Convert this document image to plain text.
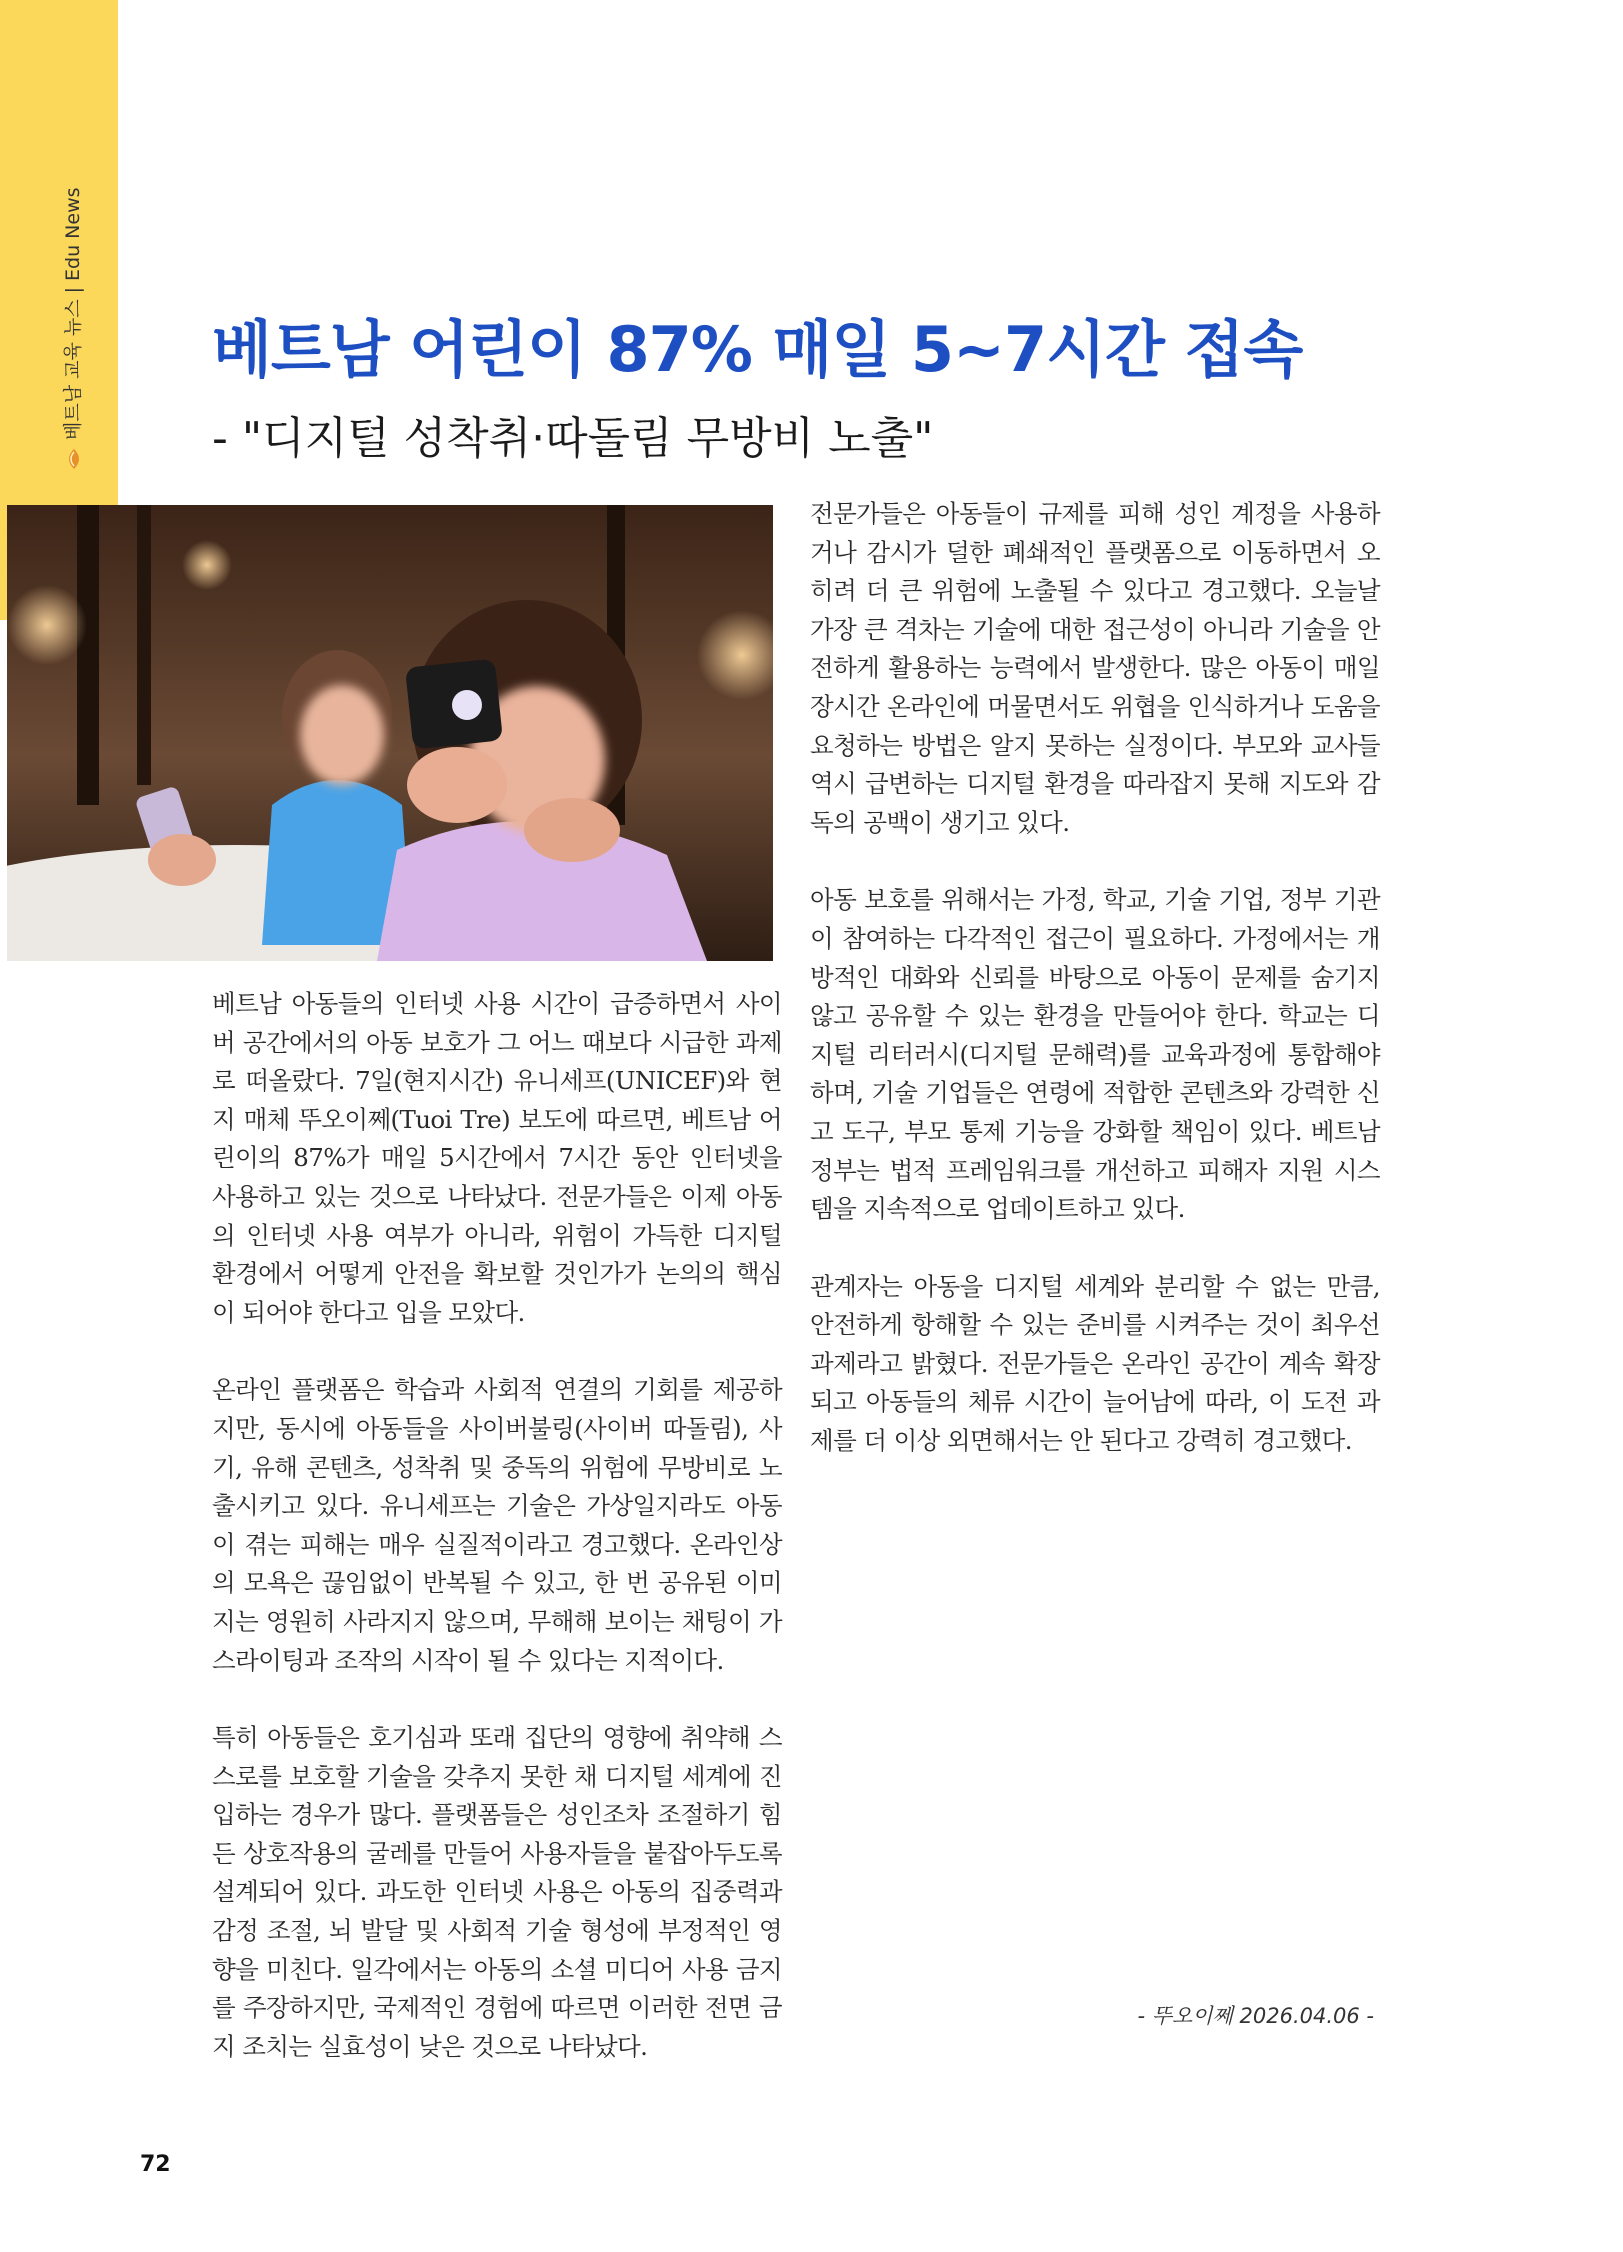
베트남 교육 뉴스 | Edu News 베트남 어린이 87% 매일 5~7시간 접속
- "디지털 성착취·따돌림 무방비 노출"

베트남 아동들의 인터넷 사용 시간이 급증하면서 사이버 공간에서의 아동 보호가 그 어느 때보다 시급한 과제로 떠올랐다. 7일(현지시간) 유니세프(UNICEF)와 현지 매체 뚜오이쩨(Tuoi Tre) 보도에 따르면, 베트남 어린이의 87%가 매일 5시간에서 7시간 동안 인터넷을 사용하고 있는 것으로 나타났다. 전문가들은 이제 아동의 인터넷 사용 여부가 아니라, 위험이 가득한 디지털 환경에서 어떻게 안전을 확보할 것인가가 논의의 핵심이 되어야 한다고 입을 모았다.

온라인 플랫폼은 학습과 사회적 연결의 기회를 제공하지만, 동시에 아동들을 사이버불링(사이버 따돌림), 사기, 유해 콘텐츠, 성착취 및 중독의 위험에 무방비로 노출시키고 있다. 유니세프는 기술은 가상일지라도 아동이 겪는 피해는 매우 실질적이라고 경고했다. 온라인상의 모욕은 끊임없이 반복될 수 있고, 한 번 공유된 이미지는 영원히 사라지지 않으며, 무해해 보이는 채팅이 가스라이팅과 조작의 시작이 될 수 있다는 지적이다.

특히 아동들은 호기심과 또래 집단의 영향에 취약해 스스로를 보호할 기술을 갖추지 못한 채 디지털 세계에 진입하는 경우가 많다. 플랫폼들은 성인조차 조절하기 힘든 상호작용의 굴레를 만들어 사용자들을 붙잡아두도록 설계되어 있다. 과도한 인터넷 사용은 아동의 집중력과 감정 조절, 뇌 발달 및 사회적 기술 형성에 부정적인 영향을 미친다. 일각에서는 아동의 소셜 미디어 사용 금지를 주장하지만, 국제적인 경험에 따르면 이러한 전면 금지 조치는 실효성이 낮은 것으로 나타났다.

전문가들은 아동들이 규제를 피해 성인 계정을 사용하거나 감시가 덜한 폐쇄적인 플랫폼으로 이동하면서 오히려 더 큰 위험에 노출될 수 있다고 경고했다. 오늘날 가장 큰 격차는 기술에 대한 접근성이 아니라 기술을 안전하게 활용하는 능력에서 발생한다. 많은 아동이 매일 장시간 온라인에 머물면서도 위협을 인식하거나 도움을 요청하는 방법은 알지 못하는 실정이다. 부모와 교사들 역시 급변하는 디지털 환경을 따라잡지 못해 지도와 감독의 공백이 생기고 있다.

아동 보호를 위해서는 가정, 학교, 기술 기업, 정부 기관이 참여하는 다각적인 접근이 필요하다. 가정에서는 개방적인 대화와 신뢰를 바탕으로 아동이 문제를 숨기지 않고 공유할 수 있는 환경을 만들어야 한다. 학교는 디지털 리터러시(디지털 문해력)를 교육과정에 통합해야 하며, 기술 기업들은 연령에 적합한 콘텐츠와 강력한 신고 도구, 부모 통제 기능을 강화할 책임이 있다. 베트남 정부는 법적 프레임워크를 개선하고 피해자 지원 시스템을 지속적으로 업데이트하고 있다.

관계자는 아동을 디지털 세계와 분리할 수 없는 만큼, 안전하게 항해할 수 있는 준비를 시켜주는 것이 최우선 과제라고 밝혔다. 전문가들은 온라인 공간이 계속 확장되고 아동들의 체류 시간이 늘어남에 따라, 이 도전 과제를 더 이상 외면해서는 안 된다고 강력히 경고했다.

- 뚜오이쩨 2026.04.06 -
72
